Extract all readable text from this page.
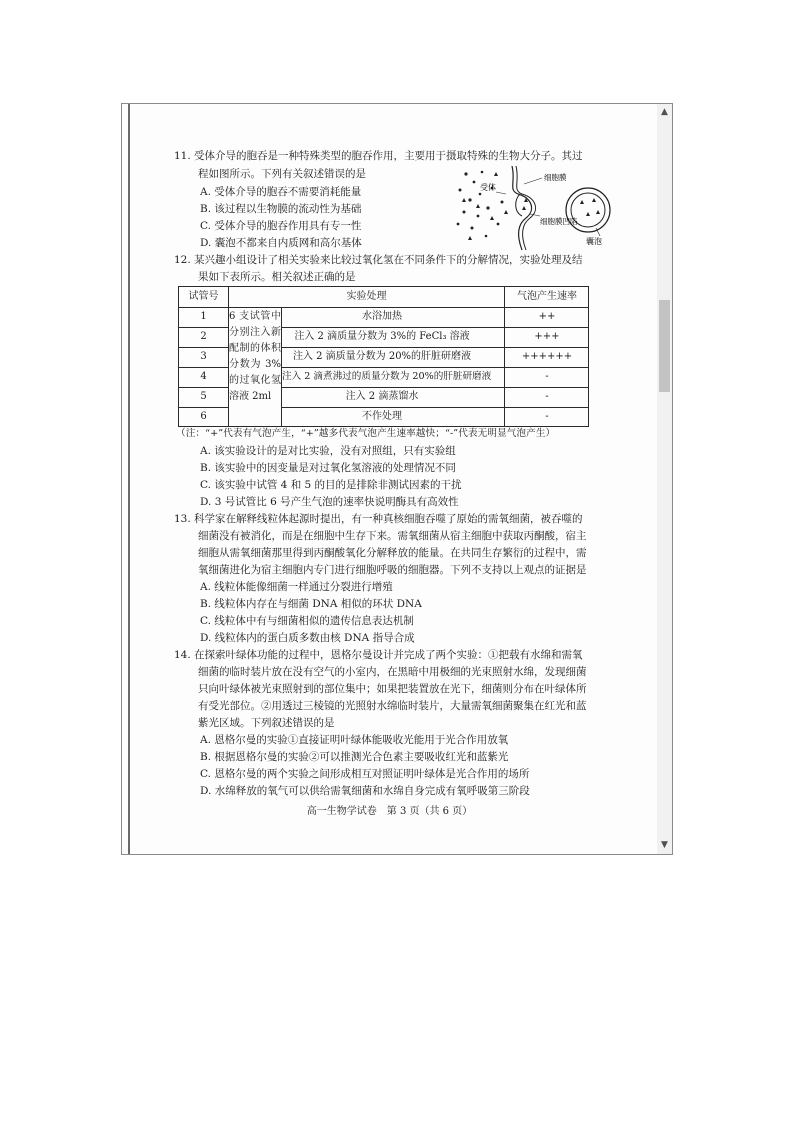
11. 受体介导的胞吞是一种特殊类型的胞吞作用，主要用于摄取特殊的生物大分子。其过
程如图所示。下列有关叙述错误的是
A. 受体介导的胞吞不需要消耗能量
B. 该过程以生物膜的流动性为基础
C. 受体介导的胞吞作用具有专一性
D. 囊泡不都来自内质网和高尔基体
受体
细胞膜
细胞膜凹陷
囊泡
12. 某兴趣小组设计了相关实验来比较过氧化氢在不同条件下的分解情况，实验处理及结
果如下表所示。相关叙述正确的是
试管号	实验处理	气泡产生速率
6 支试管中分别注入新配制的体积分数为 3%的过氧化氢溶液 2ml
1	水浴加热	++
2	注入 2 滴质量分数为 3%的 FeCl₃ 溶液	+++
3	注入 2 滴质量分数为 20%的肝脏研磨液	++++++
4	注入 2 滴煮沸过的质量分数为 20%的肝脏研磨液	-
5	注入 2 滴蒸馏水	-
6	不作处理	-
（注：“+”代表有气泡产生，“+”越多代表气泡产生速率越快；“-”代表无明显气泡产生）
A. 该实验设计的是对比实验，没有对照组，只有实验组
B. 该实验中的因变量是对过氧化氢溶液的处理情况不同
C. 该实验中试管 4 和 5 的目的是排除非测试因素的干扰
D. 3 号试管比 6 号产生气泡的速率快说明酶具有高效性
13. 科学家在解释线粒体起源时提出，有一种真核细胞吞噬了原始的需氧细菌，被吞噬的
细菌没有被消化，而是在细胞中生存下来。需氧细菌从宿主细胞中获取丙酮酸，宿主
细胞从需氧细菌那里得到丙酮酸氧化分解释放的能量。在共同生存繁衍的过程中，需
氧细菌进化为宿主细胞内专门进行细胞呼吸的细胞器。下列不支持以上观点的证据是
A. 线粒体能像细菌一样通过分裂进行增殖
B. 线粒体内存在与细菌 DNA 相似的环状 DNA
C. 线粒体中有与细菌相似的遗传信息表达机制
D. 线粒体内的蛋白质多数由核 DNA 指导合成
14. 在探索叶绿体功能的过程中，恩格尔曼设计并完成了两个实验：①把载有水绵和需氧
细菌的临时装片放在没有空气的小室内，在黑暗中用极细的光束照射水绵，发现细菌
只向叶绿体被光束照射到的部位集中；如果把装置放在光下，细菌则分布在叶绿体所
有受光部位。②用透过三棱镜的光照射水绵临时装片，大量需氧细菌聚集在红光和蓝
紫光区域。下列叙述错误的是
A. 恩格尔曼的实验①直接证明叶绿体能吸收光能用于光合作用放氧
B. 根据恩格尔曼的实验②可以推测光合色素主要吸收红光和蓝紫光
C. 恩格尔曼的两个实验之间形成相互对照证明叶绿体是光合作用的场所
D. 水绵释放的氧气可以供给需氧细菌和水绵自身完成有氧呼吸第三阶段
高一生物学试卷　第 3 页（共 6 页）
▲
▼
